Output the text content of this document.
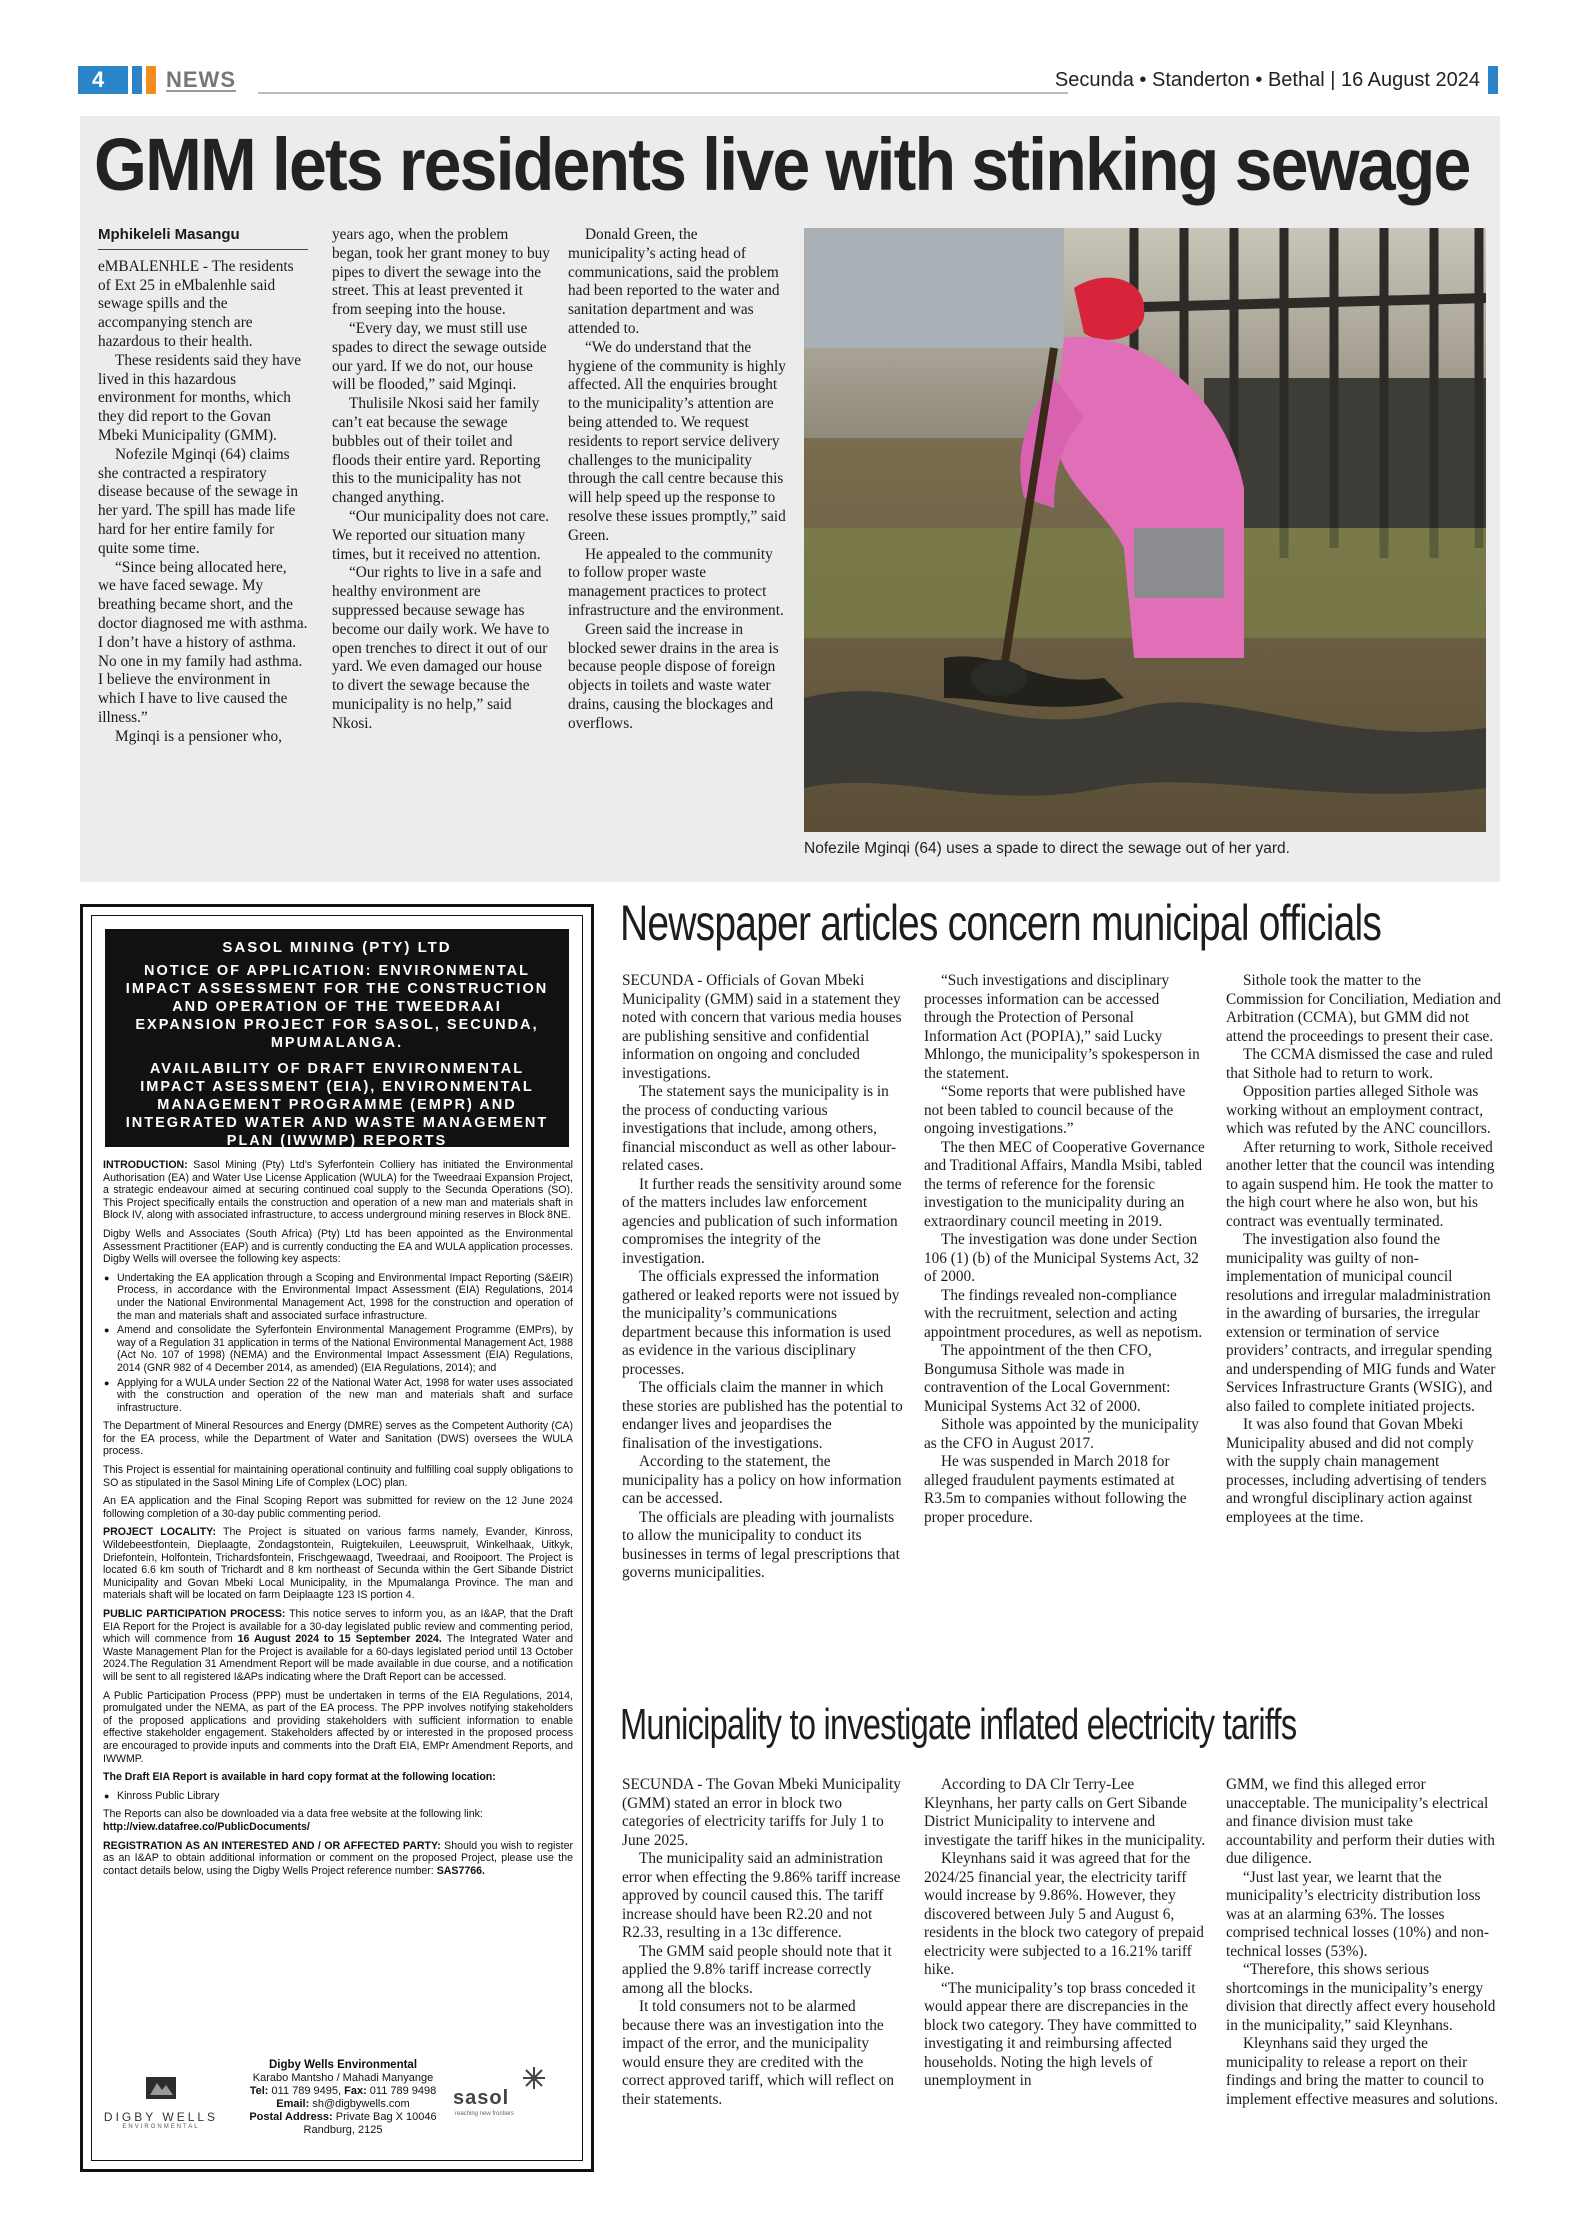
4	NEWS	Secunda • Standerton • Bethal | 16 August 2024
GMM lets residents live with stinking sewage
Mphikeleli Masangu

eMBALENHLE - The residents of Ext 25 in eMbalenhle said sewage spills and the accompanying stench are hazardous to their health.

These residents said they have lived in this hazardous environment for months, which they did report to the Govan Mbeki Municipality (GMM).

Nofezile Mginqi (64) claims she contracted a respiratory disease because of the sewage in her yard. The spill has made life hard for her entire family for quite some time.

“Since being allocated here, we have faced sewage. My breathing became short, and the doctor diagnosed me with asthma. I don’t have a history of asthma. No one in my family had asthma. I believe the environment in which I have to live caused the illness.”

Mginqi is a pensioner who,

years ago, when the problem began, took her grant money to buy pipes to divert the sewage into the street. This at least prevented it from seeping into the house.

“Every day, we must still use spades to direct the sewage outside our yard. If we do not, our house will be flooded,” said Mginqi.

Thulisile Nkosi said her family can’t eat because the sewage bubbles out of their toilet and floods their entire yard. Reporting this to the municipality has not changed anything.

“Our municipality does not care. We reported our situation many times, but it received no attention.

“Our rights to live in a safe and healthy environment are suppressed because sewage has become our daily work. We have to open trenches to direct it out of our yard. We even damaged our house to divert the sewage because the municipality is no help,” said Nkosi.

Donald Green, the municipality’s acting head of communications, said the problem had been reported to the water and sanitation department and was attended to.

“We do understand that the hygiene of the community is highly affected. All the enquiries brought to the municipality’s attention are being attended to. We request residents to report service delivery challenges to the municipality through the call centre because this will help speed up the response to resolve these issues promptly,” said Green.

He appealed to the community to follow proper waste management practices to protect infrastructure and the environment.

Green said the increase in blocked sewer drains in the area is because people dispose of foreign objects in toilets and waste water drains, causing the blockages and overflows.

Nofezile Mginqi (64) uses a spade to direct the sewage out of her yard.
SASOL MINING (PTY) LTD
NOTICE OF APPLICATION: ENVIRONMENTAL IMPACT ASSESSMENT FOR THE CONSTRUCTION AND OPERATION OF THE TWEEDRAAI EXPANSION PROJECT FOR SASOL, SECUNDA, MPUMALANGA.
AVAILABILITY OF DRAFT ENVIRONMENTAL IMPACT ASESSMENT (EIA), ENVIRONMENTAL MANAGEMENT PROGRAMME (EMPR) AND INTEGRATED WATER AND WASTE MANAGEMENT PLAN (IWWMP) REPORTS

INTRODUCTION: Sasol Mining (Pty) Ltd’s Syferfontein Colliery has initiated the Environmental Authorisation (EA) and Water Use License Application (WULA) for the Tweedraai Expansion Project, a strategic endeavour aimed at securing continued coal supply to the Secunda Operations (SO). This Project specifically entails the construction and operation of a new man and materials shaft in Block IV, along with associated infrastructure, to access underground mining reserves in Block 8NE.

Digby Wells and Associates (South Africa) (Pty) Ltd has been appointed as the Environmental Assessment Practitioner (EAP) and is currently conducting the EA and WULA application processes. Digby Wells will oversee the following key aspects:

● Undertaking the EA application through a Scoping and Environmental Impact Reporting (S&EIR) Process, in accordance with the Environmental Impact Assessment (EIA) Regulations, 2014 under the National Environmental Management Act, 1998 for the construction and operation of the man and materials shaft and associated surface infrastructure.
● Amend and consolidate the Syferfontein Environmental Management Programme (EMPrs), by way of a Regulation 31 application in terms of the National Environmental Management Act, 1988 (Act No. 107 of 1998) (NEMA) and the Environmental Impact Assessment (EIA) Regulations, 2014 (GNR 982 of 4 December 2014, as amended) (EIA Regulations, 2014); and
● Applying for a WULA under Section 22 of the National Water Act, 1998 for water uses associated with the construction and operation of the new man and materials shaft and surface infrastructure.

The Department of Mineral Resources and Energy (DMRE) serves as the Competent Authority (CA) for the EA process, while the Department of Water and Sanitation (DWS) oversees the WULA process.

This Project is essential for maintaining operational continuity and fulfilling coal supply obligations to SO as stipulated in the Sasol Mining Life of Complex (LOC) plan.

An EA application and the Final Scoping Report was submitted for review on the 12 June 2024 following completion of a 30-day public commenting period.

PROJECT LOCALITY: The Project is situated on various farms namely, Evander, Kinross, Wildebeestfontein, Dieplaagte, Zondagstontein, Ruigtekuilen, Leeuwspruit, Winkelhaak, Uitkyk, Driefontein, Holfontein, Trichardsfontein, Frischgewaagd, Tweedraai, and Rooipoort. The Project is located 6.6 km south of Trichardt and 8 km northeast of Secunda within the Gert Sibande District Municipality and Govan Mbeki Local Municipality, in the Mpumalanga Province. The man and materials shaft will be located on farm Deiplaagte 123 IS portion 4.

PUBLIC PARTICIPATION PROCESS: This notice serves to inform you, as an I&AP, that the Draft EIA Report for the Project is available for a 30-day legislated public review and commenting period, which will commence from 16 August 2024 to 15 September 2024. The Integrated Water and Waste Management Plan for the Project is available for a 60-days legislated period until 13 October 2024.The Regulation 31 Amendment Report will be made available in due course, and a notification will be sent to all registered I&APs indicating where the Draft Report can be accessed.

A Public Participation Process (PPP) must be undertaken in terms of the EIA Regulations, 2014, promulgated under the NEMA, as part of the EA process. The PPP involves notifying stakeholders of the proposed applications and providing stakeholders with sufficient information to enable effective stakeholder engagement. Stakeholders affected by or interested in the proposed process are encouraged to provide inputs and comments into the Draft EIA, EMPr Amendment Reports, and IWWMP.

The Draft EIA Report is available in hard copy format at the following location:

● Kinross Public Library

The Reports can also be downloaded via a data free website at the following link:
http://view.datafree.co/PublicDocuments/

REGISTRATION AS AN INTERESTED AND / OR AFFECTED PARTY: Should you wish to register as an I&AP to obtain additional information or comment on the proposed Project, please use the contact details below, using the Digby Wells Project reference number: SAS7766.

Digby Wells Environmental
Karabo Mantsho / Mahadi Manyange
Tel: 011 789 9495, Fax: 011 789 9498
Email: sh@digbywells.com
Postal Address: Private Bag X 10046
Randburg, 2125
DIGBY WELLS
ENVIRONMENTAL
sasol
reaching new frontiers
Newspaper articles concern municipal officials

SECUNDA - Officials of Govan Mbeki Municipality (GMM) said in a statement they noted with concern that various media houses are publishing sensitive and confidential information on ongoing and concluded investigations.

The statement says the municipality is in the process of conducting various investigations that include, among others, financial misconduct as well as other labour-related cases.

It further reads the sensitivity around some of the matters includes law enforcement agencies and publication of such information compromises the integrity of the investigation.

The officials expressed the information gathered or leaked reports were not issued by the municipality’s communications department because this information is used as evidence in the various disciplinary processes.

The officials claim the manner in which these stories are published has the potential to endanger lives and jeopardises the finalisation of the investigations.

According to the statement, the municipality has a policy on how information can be accessed.

The officials are pleading with journalists to allow the municipality to conduct its businesses in terms of legal prescriptions that governs municipalities.

“Such investigations and disciplinary processes information can be accessed through the Protection of Personal Information Act (POPIA),” said Lucky Mhlongo, the municipality’s spokesperson in the statement.

“Some reports that were published have not been tabled to council because of the ongoing investigations.”

The then MEC of Cooperative Governance and Traditional Affairs, Mandla Msibi, tabled the terms of reference for the forensic investigation to the municipality during an extraordinary council meeting in 2019.

The investigation was done under Section 106 (1) (b) of the Municipal Systems Act, 32 of 2000.

The findings revealed non-compliance with the recruitment, selection and acting appointment procedures, as well as nepotism.

The appointment of the then CFO, Bongumusa Sithole was made in contravention of the Local Government: Municipal Systems Act 32 of 2000.

Sithole was appointed by the municipality as the CFO in August 2017.

He was suspended in March 2018 for alleged fraudulent payments estimated at R3.5m to companies without following the proper procedure.

Sithole took the matter to the Commission for Conciliation, Mediation and Arbitration (CCMA), but GMM did not attend the proceedings to present their case.

The CCMA dismissed the case and ruled that Sithole had to return to work.

Opposition parties alleged Sithole was working without an employment contract, which was refuted by the ANC councillors.

After returning to work, Sithole received another letter that the council was intending to again suspend him. He took the matter to the high court where he also won, but his contract was eventually terminated.

The investigation also found the municipality was guilty of non-implementation of municipal council resolutions and irregular maladministration in the awarding of bursaries, the irregular extension or termination of service providers’ contracts, and irregular spending and underspending of MIG funds and Water Services Infrastructure Grants (WSIG), and also failed to complete initiated projects.

It was also found that Govan Mbeki Municipality abused and did not comply with the supply chain management processes, including advertising of tenders and wrongful disciplinary action against employees at the time.

Municipality to investigate inflated electricity tariffs

SECUNDA - The Govan Mbeki Municipality (GMM) stated an error in block two categories of electricity tariffs for July 1 to June 2025.

The municipality said an administration error when effecting the 9.86% tariff increase approved by council caused this. The tariff increase should have been R2.20 and not R2.33, resulting in a 13c difference.

The GMM said people should note that it applied the 9.8% tariff increase correctly among all the blocks.

It told consumers not to be alarmed because there was an investigation into the impact of the error, and the municipality would ensure they are credited with the correct approved tariff, which will reflect on their statements.

According to DA Clr Terry-Lee Kleynhans, her party calls on Gert Sibande District Municipality to intervene and investigate the tariff hikes in the municipality.

Kleynhans said it was agreed that for the 2024/25 financial year, the electricity tariff would increase by 9.86%. However, they discovered between July 5 and August 6, residents in the block two category of prepaid electricity were subjected to a 16.21% tariff hike.

“The municipality’s top brass conceded it would appear there are discrepancies in the block two category. They have committed to investigating it and reimbursing affected households. Noting the high levels of unemployment in

GMM, we find this alleged error unacceptable. The municipality’s electrical and finance division must take accountability and perform their duties with due diligence.

“Just last year, we learnt that the municipality’s electricity distribution loss was at an alarming 63%. The losses comprised technical losses (10%) and non-technical losses (53%).

“Therefore, this shows serious shortcomings in the municipality’s energy division that directly affect every household in the municipality,” said Kleynhans.

Kleynhans said they urged the municipality to release a report on their findings and bring the matter to council to implement effective measures and solutions.
